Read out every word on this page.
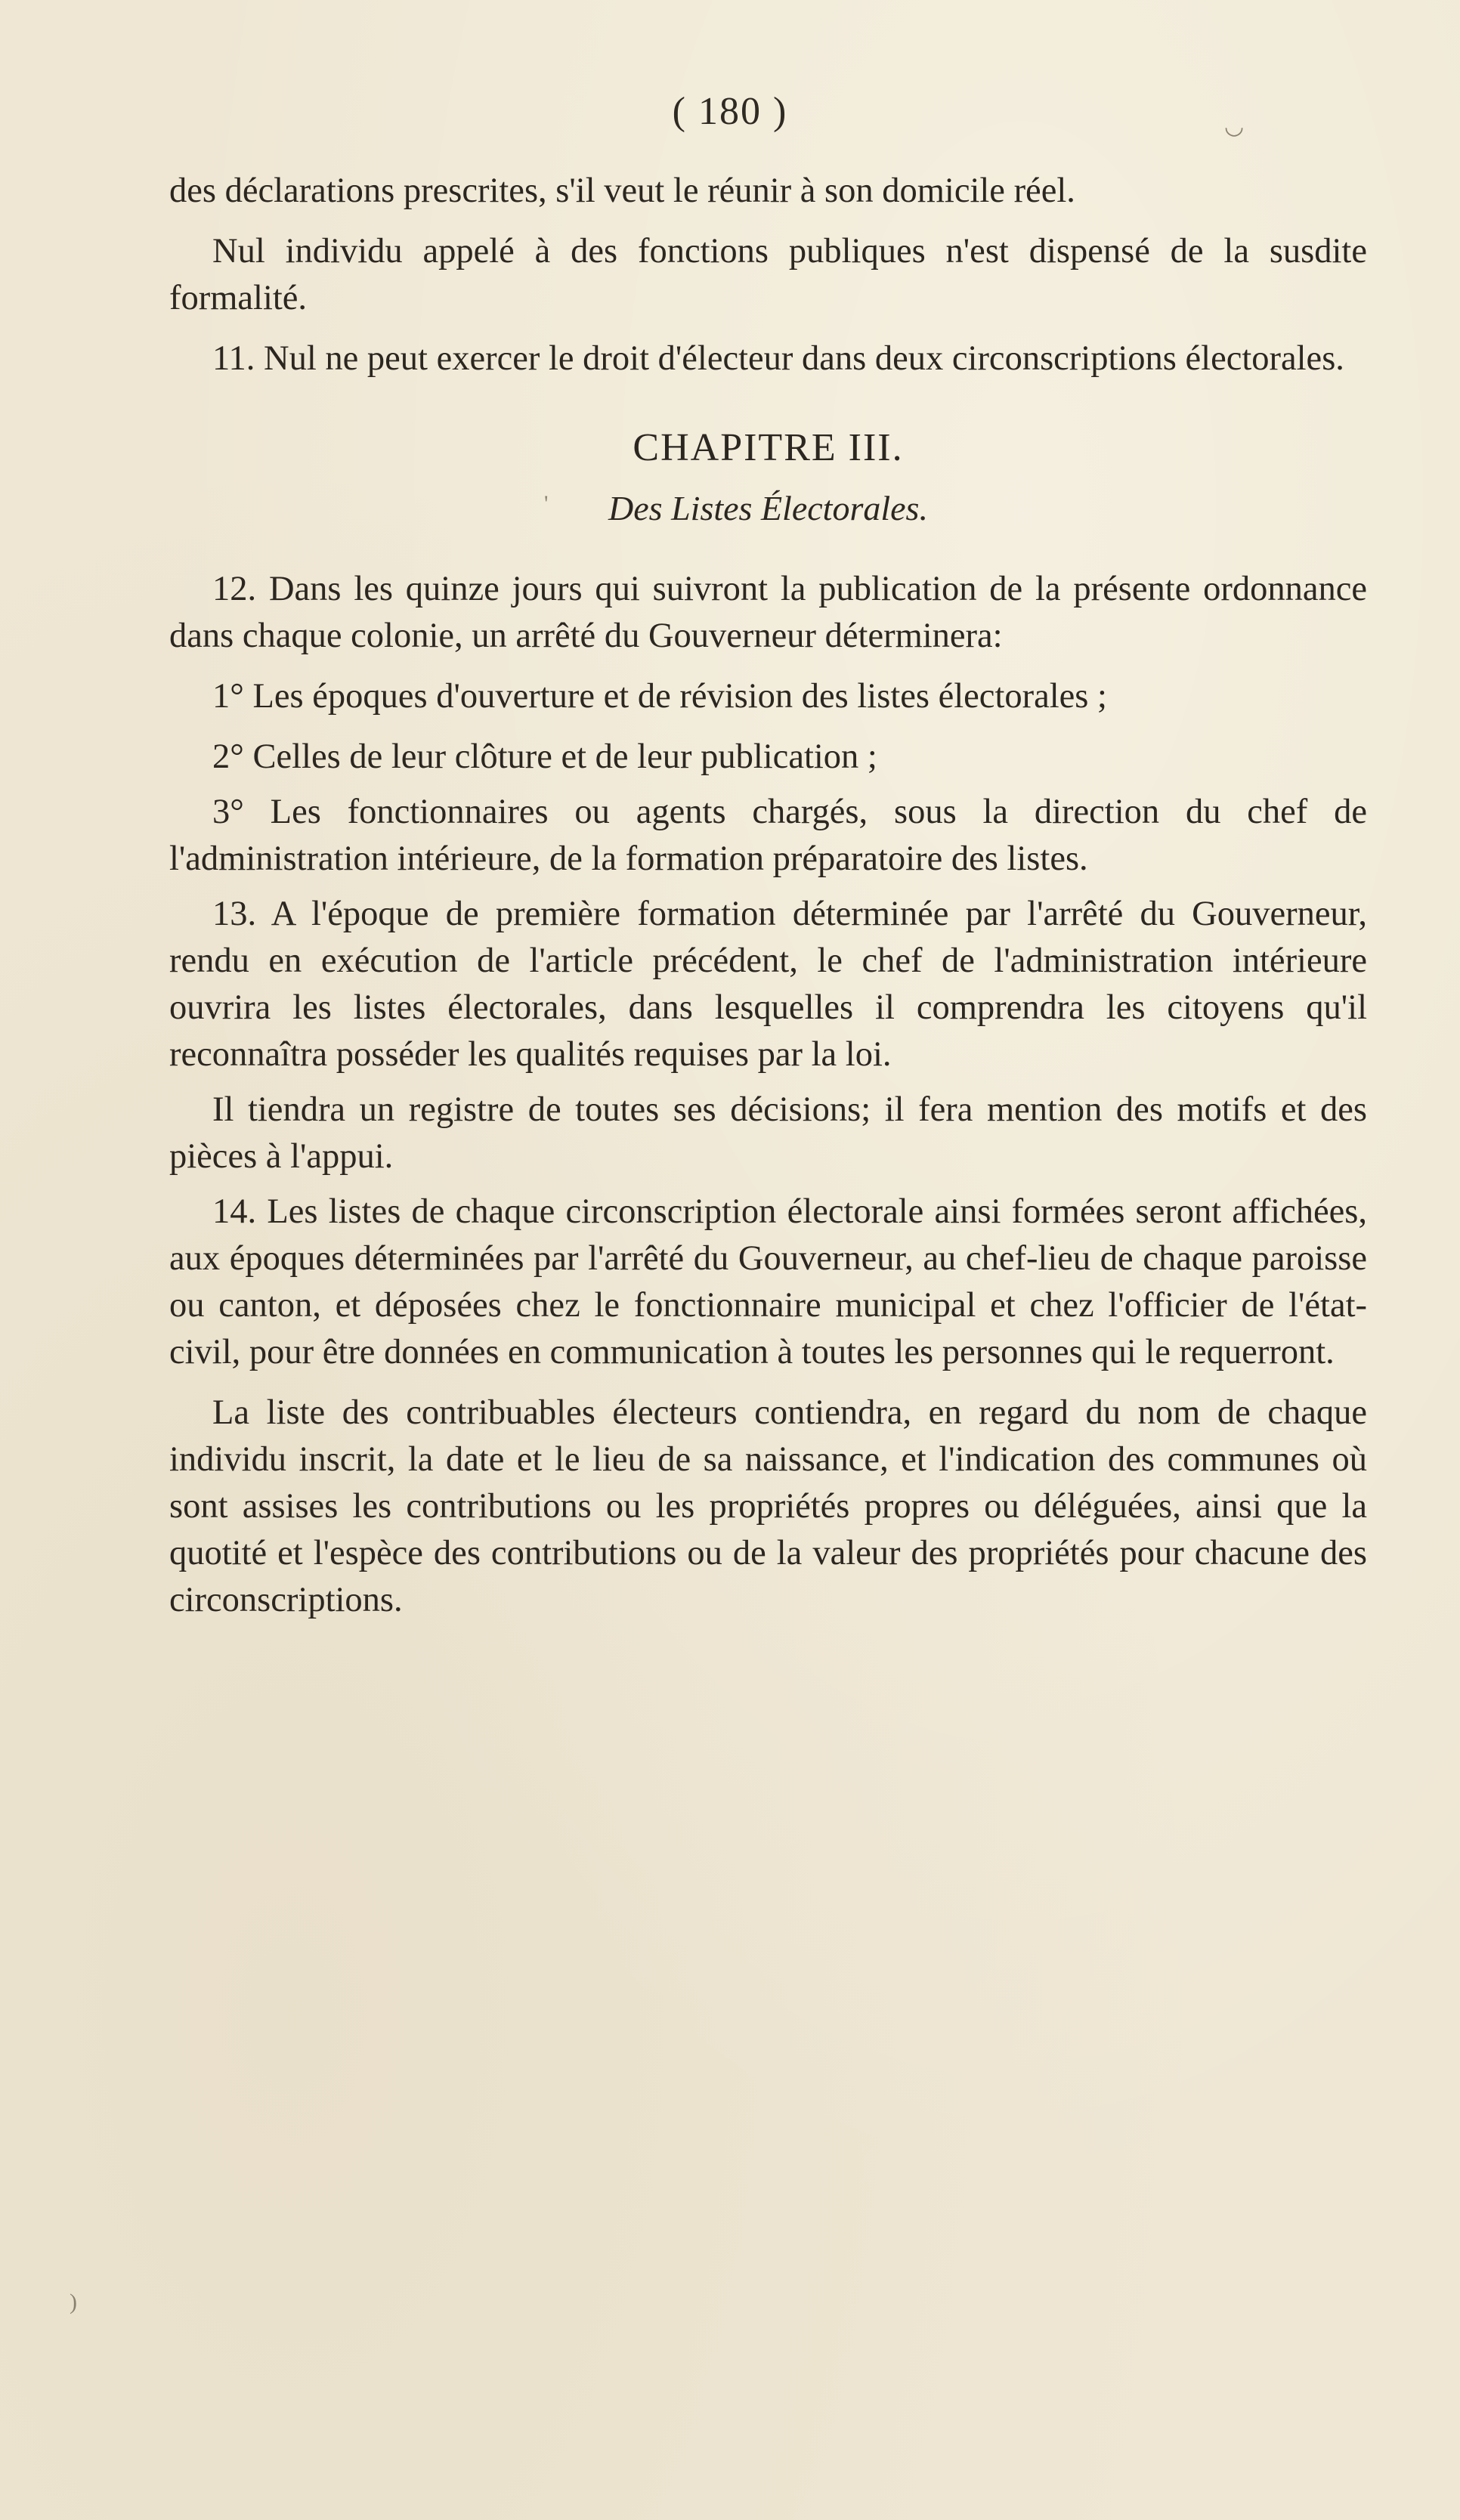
( 180 )

des déclarations prescrites, s'il veut le réunir à son domicile réel.

Nul individu appelé à des fonctions publiques n'est dispensé de la susdite formalité.

11. Nul ne peut exercer le droit d'électeur dans deux circonscriptions électorales.

CHAPITRE III.
Des Listes Électorales.

12. Dans les quinze jours qui suivront la publication de la présente ordonnance dans chaque colonie, un arrêté du Gouverneur déterminera:

1° Les époques d'ouverture et de révision des listes électorales ;

2° Celles de leur clôture et de leur publication ;

3° Les fonctionnaires ou agents chargés, sous la direction du chef de l'administration intérieure, de la formation préparatoire des listes.

13. A l'époque de première formation déterminée par l'arrêté du Gouverneur, rendu en exécution de l'article précédent, le chef de l'administration intérieure ouvrira les listes électorales, dans lesquelles il comprendra les citoyens qu'il reconnaîtra posséder les qualités requises par la loi.

Il tiendra un registre de toutes ses décisions; il fera mention des motifs et des pièces à l'appui.

14. Les listes de chaque circonscription électorale ainsi formées seront affichées, aux époques déterminées par l'arrêté du Gouverneur, au chef-lieu de chaque paroisse ou canton, et déposées chez le fonctionnaire municipal et chez l'officier de l'état-civil, pour être données en communication à toutes les personnes qui le requerront.

La liste des contribuables électeurs contiendra, en regard du nom de chaque individu inscrit, la date et le lieu de sa naissance, et l'indication des communes où sont assises les contributions ou les propriétés propres ou déléguées, ainsi que la quotité et l'espèce des contributions ou de la valeur des propriétés pour chacune des circonscriptions.

'
◡
)
